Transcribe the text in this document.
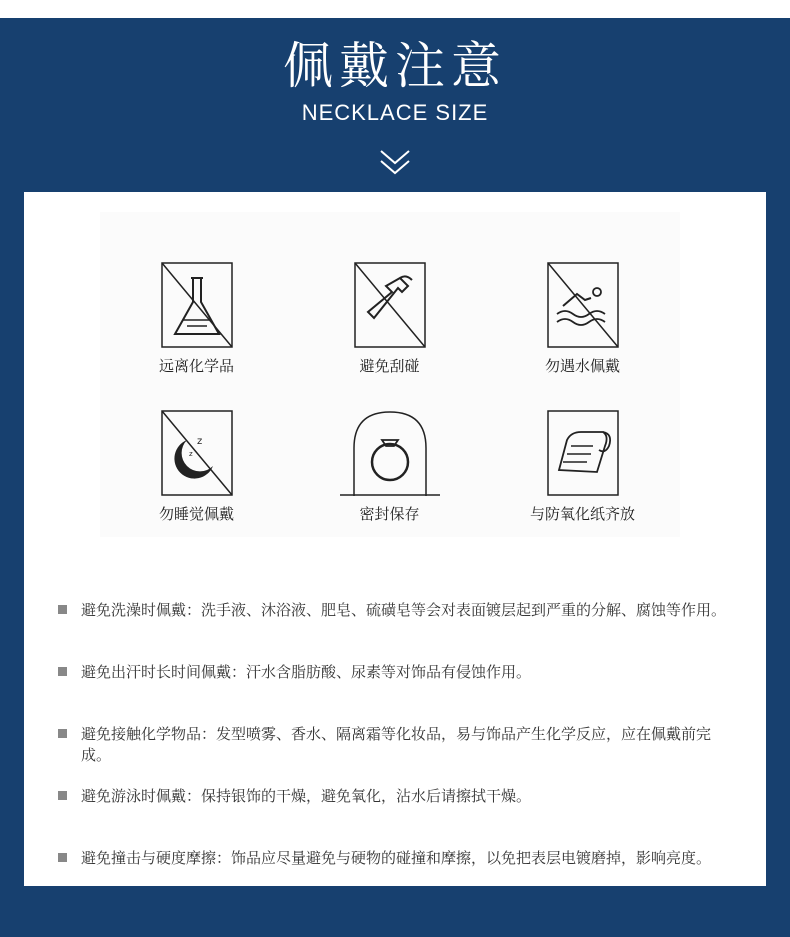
佩戴注意
NECKLACE SIZE
远离化学品	避免刮碰	勿遇水佩戴
z
z
勿睡觉佩戴	密封保存	与防氧化纸齐放
避免洗澡时佩戴：洗手液、沐浴液、肥皂、硫磺皂等会对表面镀层起到严重的分解、腐蚀等作用。
避免出汗时长时间佩戴：汗水含脂肪酸、尿素等对饰品有侵蚀作用。
避免接触化学物品：发型喷雾、香水、隔离霜等化妆品，易与饰品产生化学反应，应在佩戴前完成。
避免游泳时佩戴：保持银饰的干燥，避免氧化，沾水后请擦拭干燥。
避免撞击与硬度摩擦：饰品应尽量避免与硬物的碰撞和摩擦，以免把表层电镀磨掉，影响亮度。
